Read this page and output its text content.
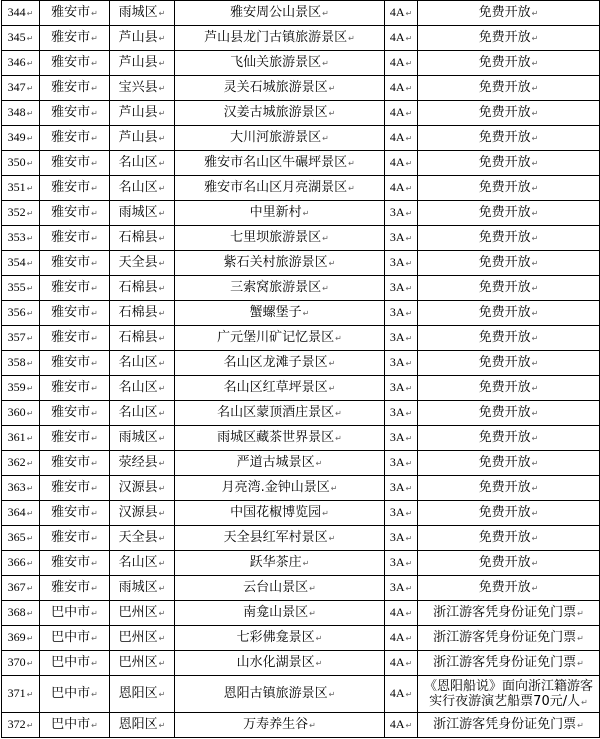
344↵	雅安市↵	雨城区↵	雅安周公山景区↵	4A↵	免费开放↵
345↵	雅安市↵	芦山县↵	芦山县龙门古镇旅游景区↵	4A↵	免费开放↵
346↵	雅安市↵	芦山县↵	飞仙关旅游景区↵	4A↵	免费开放↵
347↵	雅安市↵	宝兴县↵	灵关石城旅游景区↵	4A↵	免费开放↵
348↵	雅安市↵	芦山县↵	汉姜古城旅游景区↵	4A↵	免费开放↵
349↵	雅安市↵	芦山县↵	大川河旅游景区↵	4A↵	免费开放↵
350↵	雅安市↵	名山区↵	雅安市名山区牛碾坪景区↵	4A↵	免费开放↵
351↵	雅安市↵	名山区↵	雅安市名山区月亮湖景区↵	4A↵	免费开放↵
352↵	雅安市↵	雨城区↵	中里新村↵	3A↵	免费开放↵
353↵	雅安市↵	石棉县↵	七里坝旅游景区↵	3A↵	免费开放↵
354↵	雅安市↵	天全县↵	紫石关村旅游景区↵	3A↵	免费开放↵
355↵	雅安市↵	石棉县↵	三索窝旅游景区↵	3A↵	免费开放↵
356↵	雅安市↵	石棉县↵	蟹螺堡子↵	3A↵	免费开放↵
357↵	雅安市↵	石棉县↵	广元堡川矿记忆景区↵	3A↵	免费开放↵
358↵	雅安市↵	名山区↵	名山区龙滩子景区↵	3A↵	免费开放↵
359↵	雅安市↵	名山区↵	名山区红草坪景区↵	3A↵	免费开放↵
360↵	雅安市↵	名山区↵	名山区蒙顶酒庄景区↵	3A↵	免费开放↵
361↵	雅安市↵	雨城区↵	雨城区藏茶世界景区↵	3A↵	免费开放↵
362↵	雅安市↵	荥经县↵	严道古城景区↵	3A↵	免费开放↵
363↵	雅安市↵	汉源县↵	月亮湾.金钟山景区↵	3A↵	免费开放↵
364↵	雅安市↵	汉源县↵	中国花椒博览园↵	3A↵	免费开放↵
365↵	雅安市↵	天全县↵	天全县红军村景区↵	3A↵	免费开放↵
366↵	雅安市↵	名山区↵	跃华茶庄↵	3A↵	免费开放↵
367↵	雅安市↵	雨城区↵	云台山景区↵	3A↵	免费开放↵
368↵	巴中市↵	巴州区↵	南龛山景区↵	4A↵	浙江游客凭身份证免门票↵
369↵	巴中市↵	巴州区↵	七彩佛龛景区↵	4A↵	浙江游客凭身份证免门票↵
370↵	巴中市↵	巴州区↵	山水化湖景区↵	4A↵	浙江游客凭身份证免门票↵
371↵	巴中市↵	恩阳区↵	恩阳古镇旅游景区↵	4A↵	《恩阳船说》面向浙江籍游客实行夜游演艺船票70元/人↵
372↵	巴中市↵	恩阳区↵	万寿养生谷↵	4A↵	浙江游客凭身份证免门票↵
